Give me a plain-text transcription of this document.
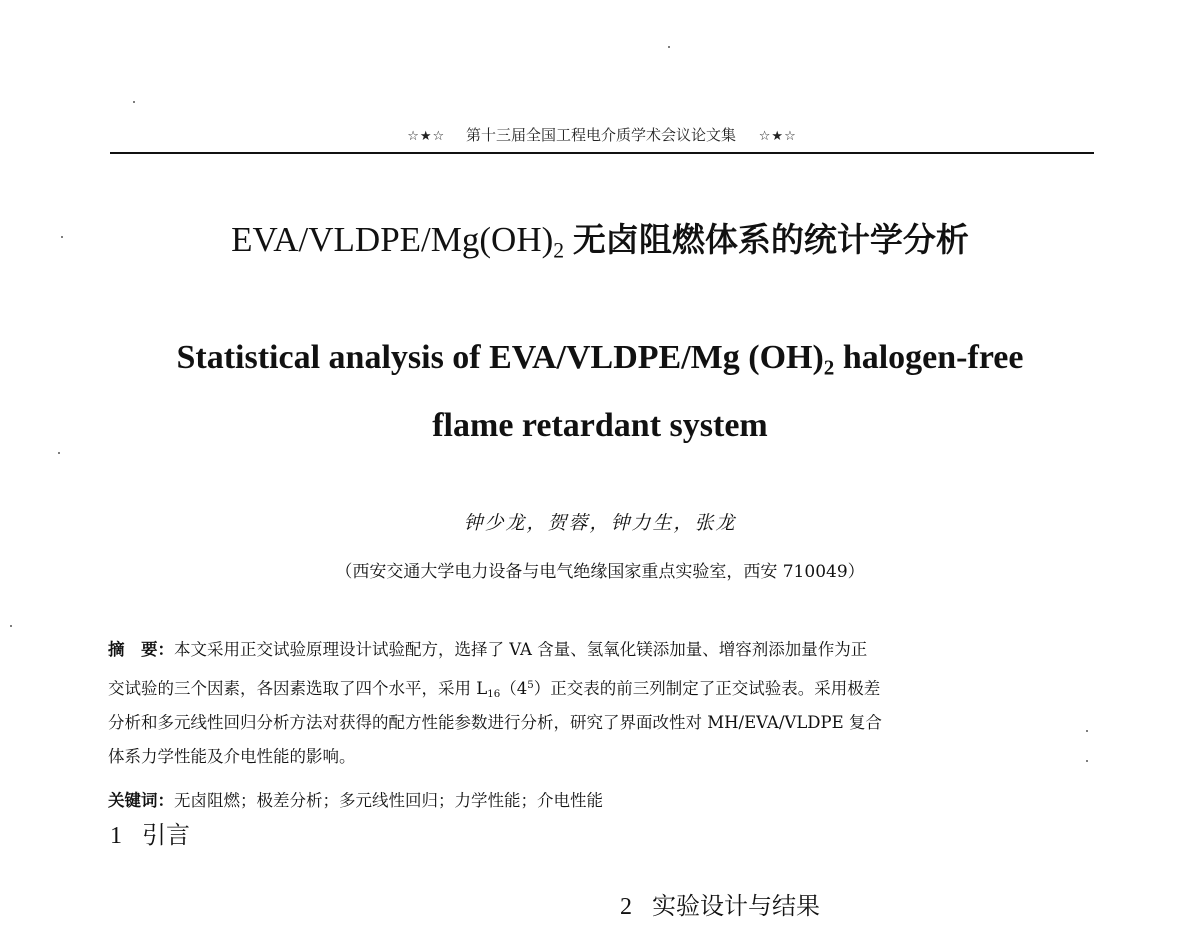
☆★☆ 第十三届全国工程电介质学术会议论文集 ☆★☆
EVA/$VLDPE/Mg(OH)_2$ 无卤阻燃体系的统计学分析
Statistical analysis of EVA/VLDPE/Mg $(OH)_2$ halogen-free
flame retardant system
钟少龙，贺蓉，钟力生，张龙
（西安交通大学电力设备与电气绝缘国家重点实验室，西安 710049）
摘　要：本文采用正交试验原理设计试验配方，选择了 VA 含量、氢氧化镁添加量、增容剂添加量作为正
交试验的三个因素，各因素选取了四个水平，采用 $L_{16}(4^5)$正交表的前三列制定了正交试验表。采用极差
分析和多元线性回归分析方法对获得的配方性能参数进行分析，研究了界面改性对 MH/EVA/VLDPE 复合
体系力学性能及介电性能的影响。
关键词：无卤阻燃；极差分析；多元线性回归；力学性能；介电性能
1 引言
2 实验设计与结果
